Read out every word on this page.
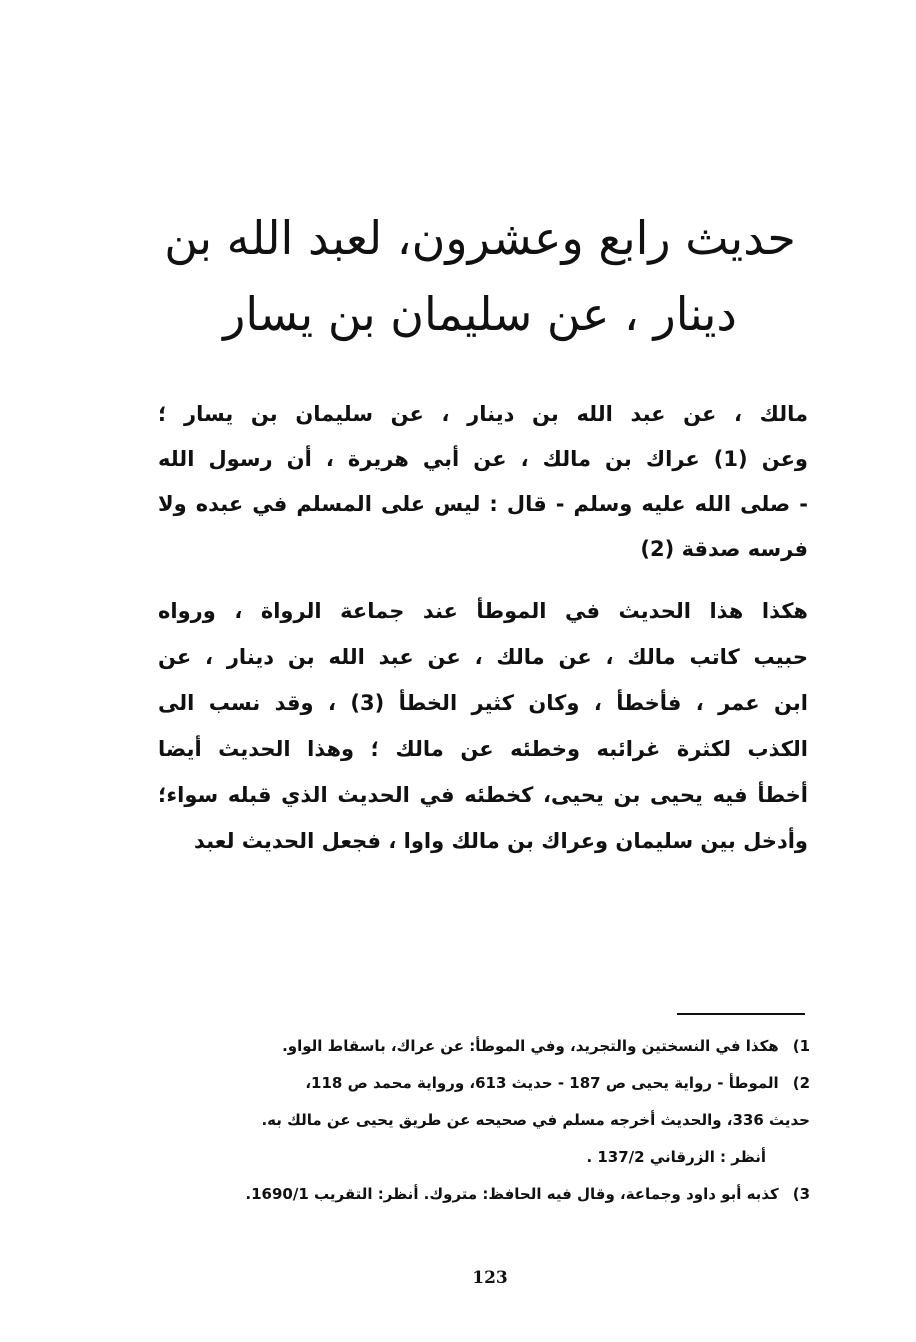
حديث رابع وعشرون، لعبد الله بن
دينار ، عن سليمان بن يسار
مالك ، عن عبد الله بن دينار ، عن سليمان بن يسار ؛
وعن (1) عراك بن مالك ، عن أبي هريرة ، أن رسول الله
- صلى الله عليه وسلم - قال : ليس على المسلم في عبده ولا
فرسه صدقة (2)
هكذا هذا الحديث في الموطأ عند جماعة الرواة ، ورواه
حبيب كاتب مالك ، عن مالك ، عن عبد الله بن دينار ، عن
ابن عمر ، فأخطأ ، وكان كثير الخطأ (3) ، وقد نسب الى
الكذب لكثرة غرائبه وخطئه عن مالك ؛ وهذا الحديث أيضا
أخطأ فيه يحيى بن يحيى، كخطئه في الحديث الذي قبله سواء؛
وأدخل بين سليمان وعراك بن مالك واوا ، فجعل الحديث لعبد
1)هكذا في النسختين والتجريد، وفي الموطأ: عن عراك، باسقاط الواو.
2)الموطأ - رواية يحيى ص 187 - حديث 613، ورواية محمد ص 118،
حديث 336، والحديث أخرجه مسلم في صحيحه عن طريق يحيى عن مالك به.
أنظر : الزرقاني 137/2 .
3)كذبه أبو داود وجماعة، وقال فيه الحافظ: متروك. أنظر: التقريب 1690/1.
123
